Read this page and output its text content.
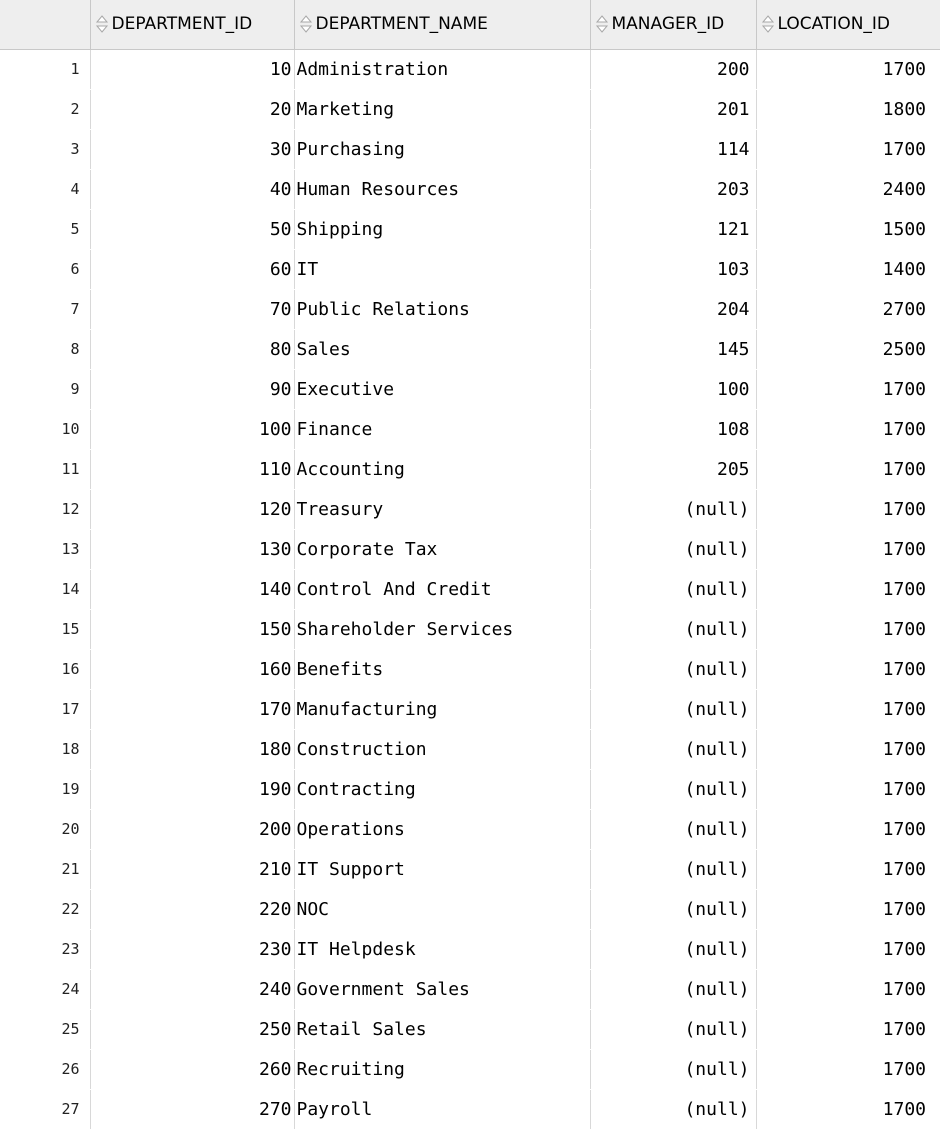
	DEPARTMENT_ID	DEPARTMENT_NAME	MANAGER_ID	LOCATION_ID
1	10	Administration	200	1700
2	20	Marketing	201	1800
3	30	Purchasing	114	1700
4	40	Human Resources	203	2400
5	50	Shipping	121	1500
6	60	IT	103	1400
7	70	Public Relations	204	2700
8	80	Sales	145	2500
9	90	Executive	100	1700
10	100	Finance	108	1700
11	110	Accounting	205	1700
12	120	Treasury	(null)	1700
13	130	Corporate Tax	(null)	1700
14	140	Control And Credit	(null)	1700
15	150	Shareholder Services	(null)	1700
16	160	Benefits	(null)	1700
17	170	Manufacturing	(null)	1700
18	180	Construction	(null)	1700
19	190	Contracting	(null)	1700
20	200	Operations	(null)	1700
21	210	IT Support	(null)	1700
22	220	NOC	(null)	1700
23	230	IT Helpdesk	(null)	1700
24	240	Government Sales	(null)	1700
25	250	Retail Sales	(null)	1700
26	260	Recruiting	(null)	1700
27	270	Payroll	(null)	1700
